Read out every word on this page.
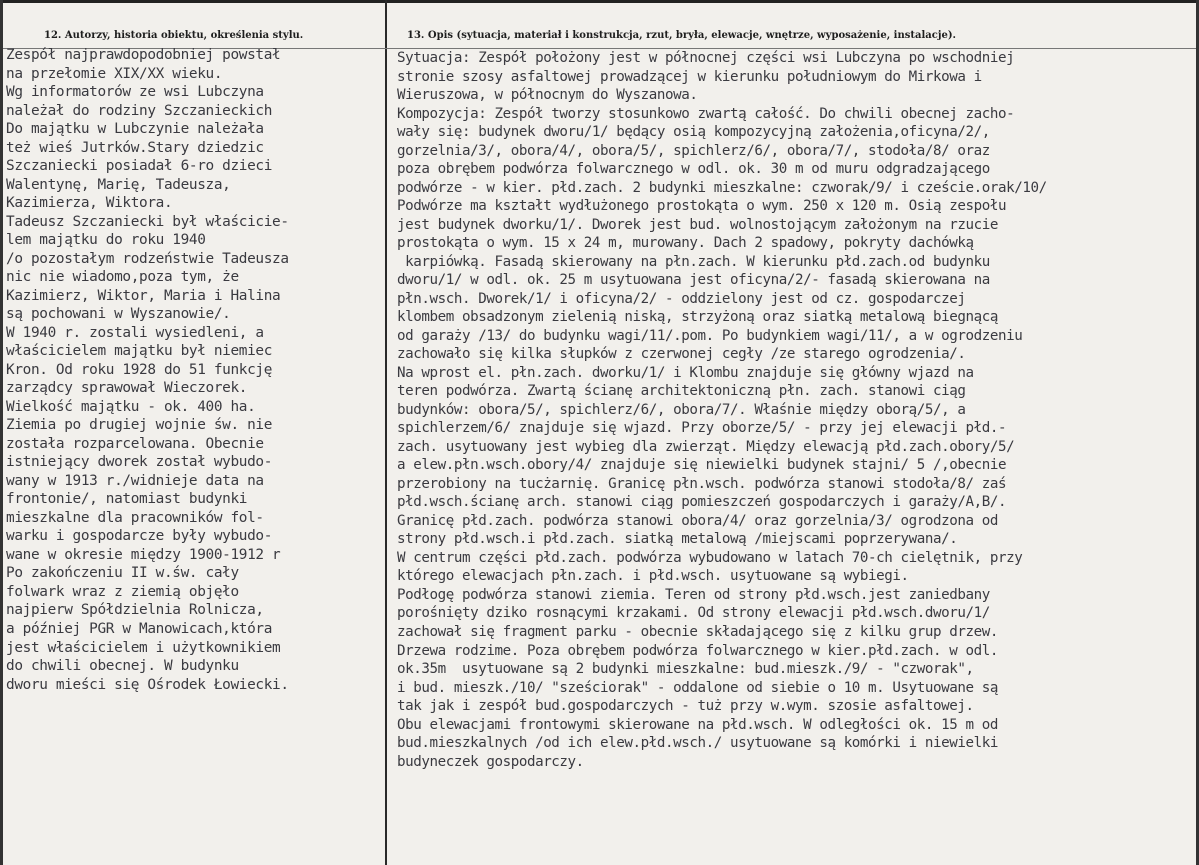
12. Autorzy, historia obiektu, określenia stylu.	13. Opis (sytuacja, materiał i konstrukcja, rzut, bryła, elewacje, wnętrze, wyposażenie, instalacje).
Zespół najprawdopodobniej powstał
na przełomie XIX/XX wieku.
Wg informatorów ze wsi Lubczyna
należał do rodziny Szczanieckich
Do majątku w Lubczynie należała
też wieś Jutrków.Stary dziedzic
Szczaniecki posiadał 6-ro dzieci
Walentynę, Marię, Tadeusza,
Kazimierza, Wiktora.
Tadeusz Szczaniecki był właściciе-
lem majątku do roku 1940
/o pozostałym rodzeństwie Tadeusza
nic nie wiadomo,poza tym, że
Kazimierz, Wiktor, Maria i Halina
są pochowani w Wyszanowie/.
W 1940 r. zostali wysiedleni, a
właścicielem majątku był niemiec
Kron. Od roku 1928 do 51 funkcję
zarządcy sprawował Wieczorek.
Wielkość majątku - ok. 400 ha.
Ziemia po drugiej wojnie św. nie
została rozparcelowana. Obecnie
istniejący dworek został wybudo-
wany w 1913 r./widnieje data na
frontonie/, natomiast budynki
mieszkalne dla pracowników fol-
warku i gospodarcze były wybudo-
wane w okresie między 1900-1912 r
Po zakończeniu II w.św. cały
folwark wraz z ziemią objęło
najpierw Spółdzielnia Rolnicza,
a później PGR w Manowicach,która
jest właścicielem i użytkownikiem
do chwili obecnej. W budynku
dworu mieści się Ośrodek Łowiecki.
Sytuacja: Zespół położony jest w północnej części wsi Lubczyna po wschodniej
stronie szosy asfaltowej prowadzącej w kierunku południowym do Mirkowa i
Wieruszowa, w północnym do Wyszanowa.
Kompozycja: Zespół tworzy stosunkowo zwartą całość. Do chwili obecnej zacho-
wały się: budynek dworu/1/ będący osią kompozycyjną założenia,oficyna/2/,
gorzelnia/3/, obora/4/, obora/5/, spichlerz/6/, obora/7/, stodoła/8/ oraz
poza obrębem podwórza folwarcznego w odl. ok. 30 m od muru odgradzającego
podwórze - w kier. płd.zach. 2 budynki mieszkalne: czworak/9/ i czeście.orak/10/
Podwórze ma kształt wydłużonego prostokąta o wym. 250 x 120 m. Osią zespołu
jest budynek dworku/1/. Dworek jest bud. wolnostojącym założonym na rzucie
prostokąta o wym. 15 x 24 m, murowany. Dach 2 spadowy, pokryty dachówką
karpiówką. Fasadą skierowany na płn.zach. W kierunku płd.zach.od budynku
dworu/1/ w odl. ok. 25 m usytuowana jest oficyna/2/- fasadą skierowana na
płn.wsch. Dworek/1/ i oficyna/2/ - oddzielony jest od cz. gospodarczej
klombem obsadzonym zielenią niską, strzyżoną oraz siatką metalową biegnącą
od garaży /13/ do budynku wagi/11/.pom. Po budynkiem wagi/11/, a w ogrodzeniu
zachowało się kilka słupków z czerwonej cegły /ze starego ogrodzenia/.
Na wprost el. płn.zach. dworku/1/ i Klombu znajduje się główny wjazd na
teren podwórza. Zwartą ścianę architektoniczną płn. zach. stanowi ciąg
budynków: obora/5/, spichlerz/6/, obora/7/. Właśnie między oborą/5/, a
spichlerzem/6/ znajduje się wjazd. Przy oborze/5/ - przy jej elewacji płd.-
zach. usytuowany jest wybieg dla zwierząt. Między elewacją płd.zach.obory/5/
a elew.płn.wsch.obory/4/ znajduje się niewielki budynek stajni/ 5 /,obecnie
przerobiony na tucżarnię. Granicę płn.wsch. podwórza stanowi stodoła/8/ zaś
płd.wsch.ścianę arch. stanowi ciąg pomieszczeń gospodarczych i garaży/A,B/.
Granicę płd.zach. podwórza stanowi obora/4/ oraz gorzelnia/3/ ogrodzona od
strony płd.wsch.i płd.zach. siatką metalową /miejscami poprzerywana/.
W centrum części płd.zach. podwórza wybudowano w latach 70-ch cielętnik, przy
którego elewacjach płn.zach. i płd.wsch. usytuowane są wybiegi.
Podłogę podwórza stanowi ziemia. Teren od strony płd.wsch.jest zaniedbany
porośnięty dziko rosnącymi krzakami. Od strony elewacji płd.wsch.dworu/1/
zachował się fragment parku - obecnie składającego się z kilku grup drzew.
Drzewa rodzime. Poza obrębem podwórza folwarcznego w kier.płd.zach. w odl.
ok.35m  usytuowane są 2 budynki mieszkalne: bud.mieszk./9/ - "czworak",
i bud. mieszk./10/ "sześciorak" - oddalone od siebie o 10 m. Usytuowane są
tak jak i zespół bud.gospodarczych - tuż przy w.wym. szosie asfaltowej.
Obu elewacjami frontowymi skierowane na płd.wsch. W odległości ok. 15 m od
bud.mieszkalnych /od ich elew.płd.wsch./ usytuowane są komórki i niewielki
budyneczek gospodarczy.
